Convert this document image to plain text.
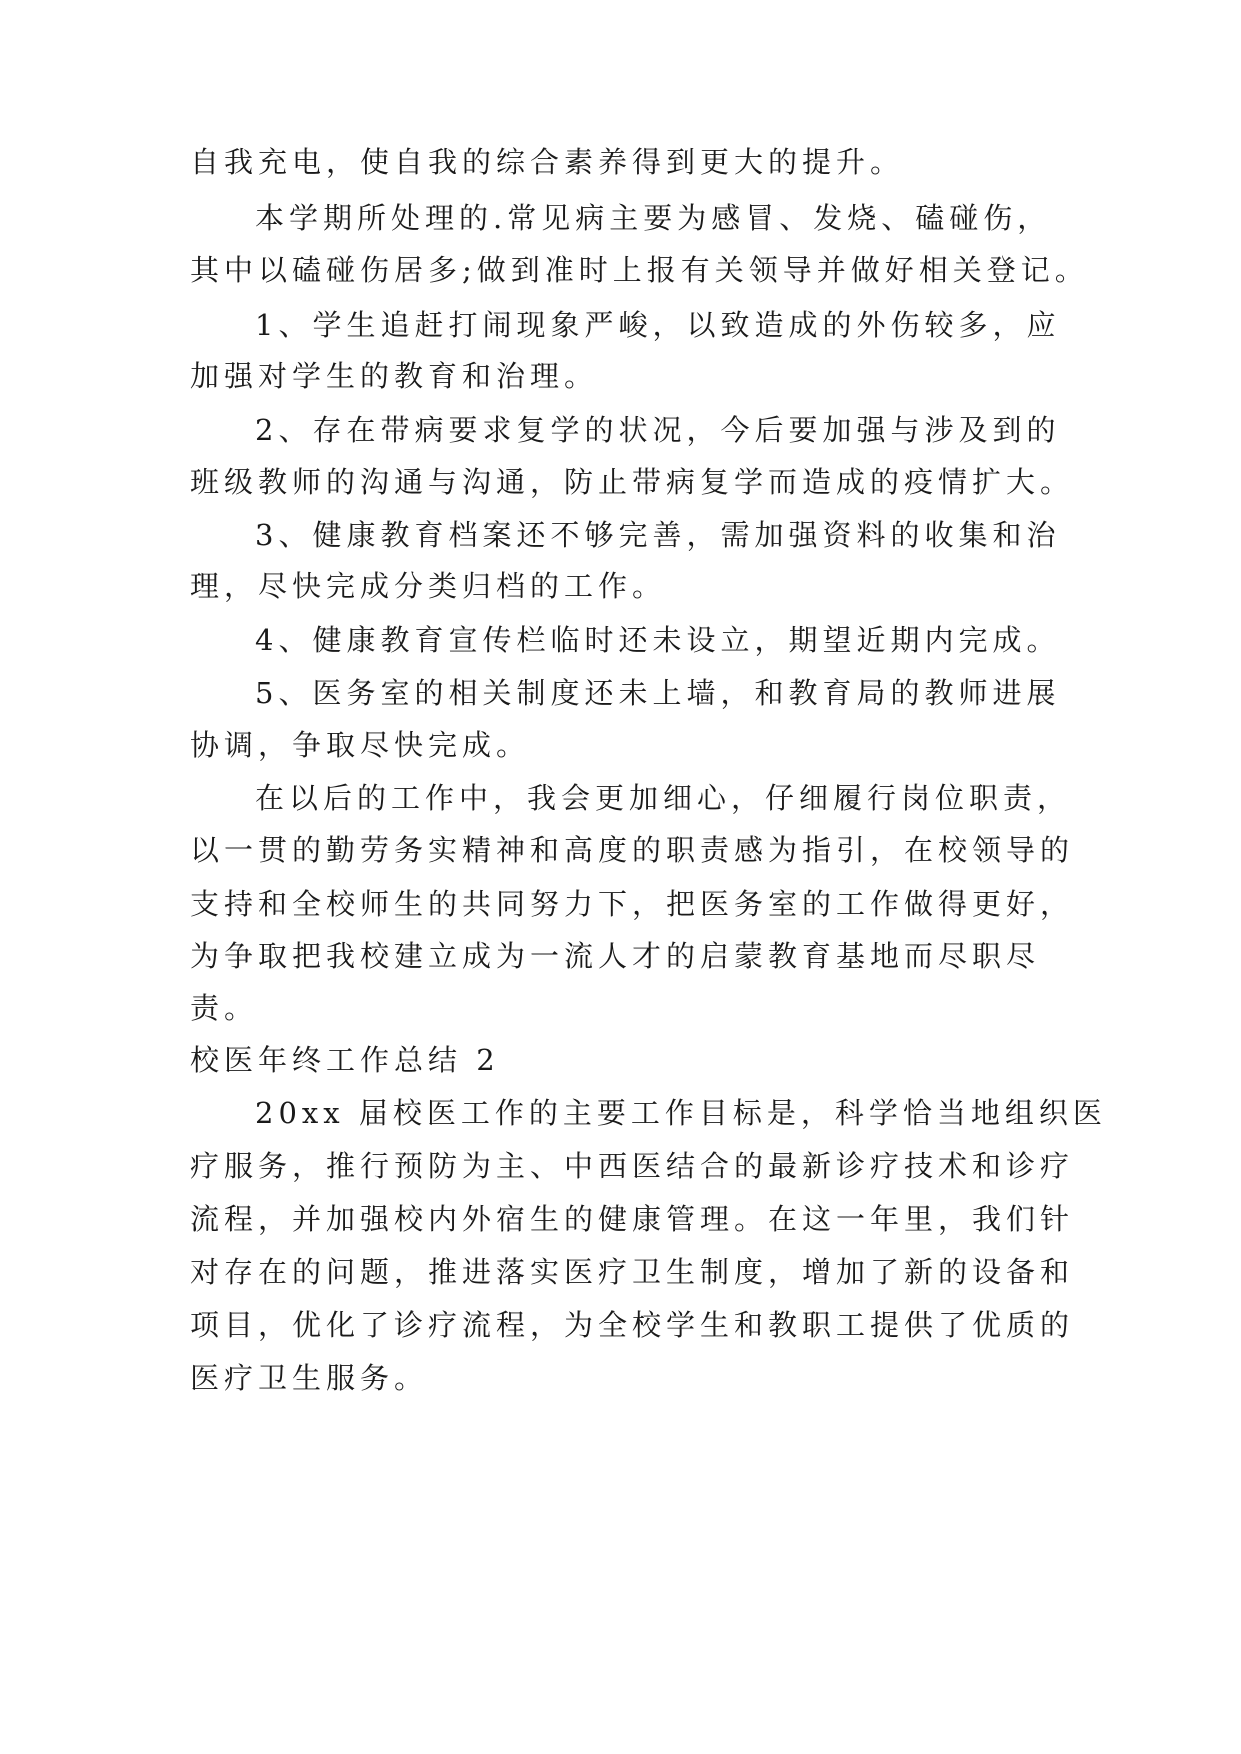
自我充电，使自我的综合素养得到更大的提升。
本学期所处理的.常见病主要为感冒、发烧、磕碰伤，
其中以磕碰伤居多;做到准时上报有关领导并做好相关登记。
1、学生追赶打闹现象严峻，以致造成的外伤较多，应
加强对学生的教育和治理。
2、存在带病要求复学的状况，今后要加强与涉及到的
班级教师的沟通与沟通，防止带病复学而造成的疫情扩大。
3、健康教育档案还不够完善，需加强资料的收集和治
理，尽快完成分类归档的工作。
4、健康教育宣传栏临时还未设立，期望近期内完成。
5、医务室的相关制度还未上墙，和教育局的教师进展
协调，争取尽快完成。
在以后的工作中，我会更加细心，仔细履行岗位职责，
以一贯的勤劳务实精神和高度的职责感为指引，在校领导的
支持和全校师生的共同努力下，把医务室的工作做得更好，
为争取把我校建立成为一流人才的启蒙教育基地而尽职尽
责。
校医年终工作总结 2
20xx 届校医工作的主要工作目标是，科学恰当地组织医
疗服务，推行预防为主、中西医结合的最新诊疗技术和诊疗
流程，并加强校内外宿生的健康管理。在这一年里，我们针
对存在的问题，推进落实医疗卫生制度，增加了新的设备和
项目，优化了诊疗流程，为全校学生和教职工提供了优质的
医疗卫生服务。
